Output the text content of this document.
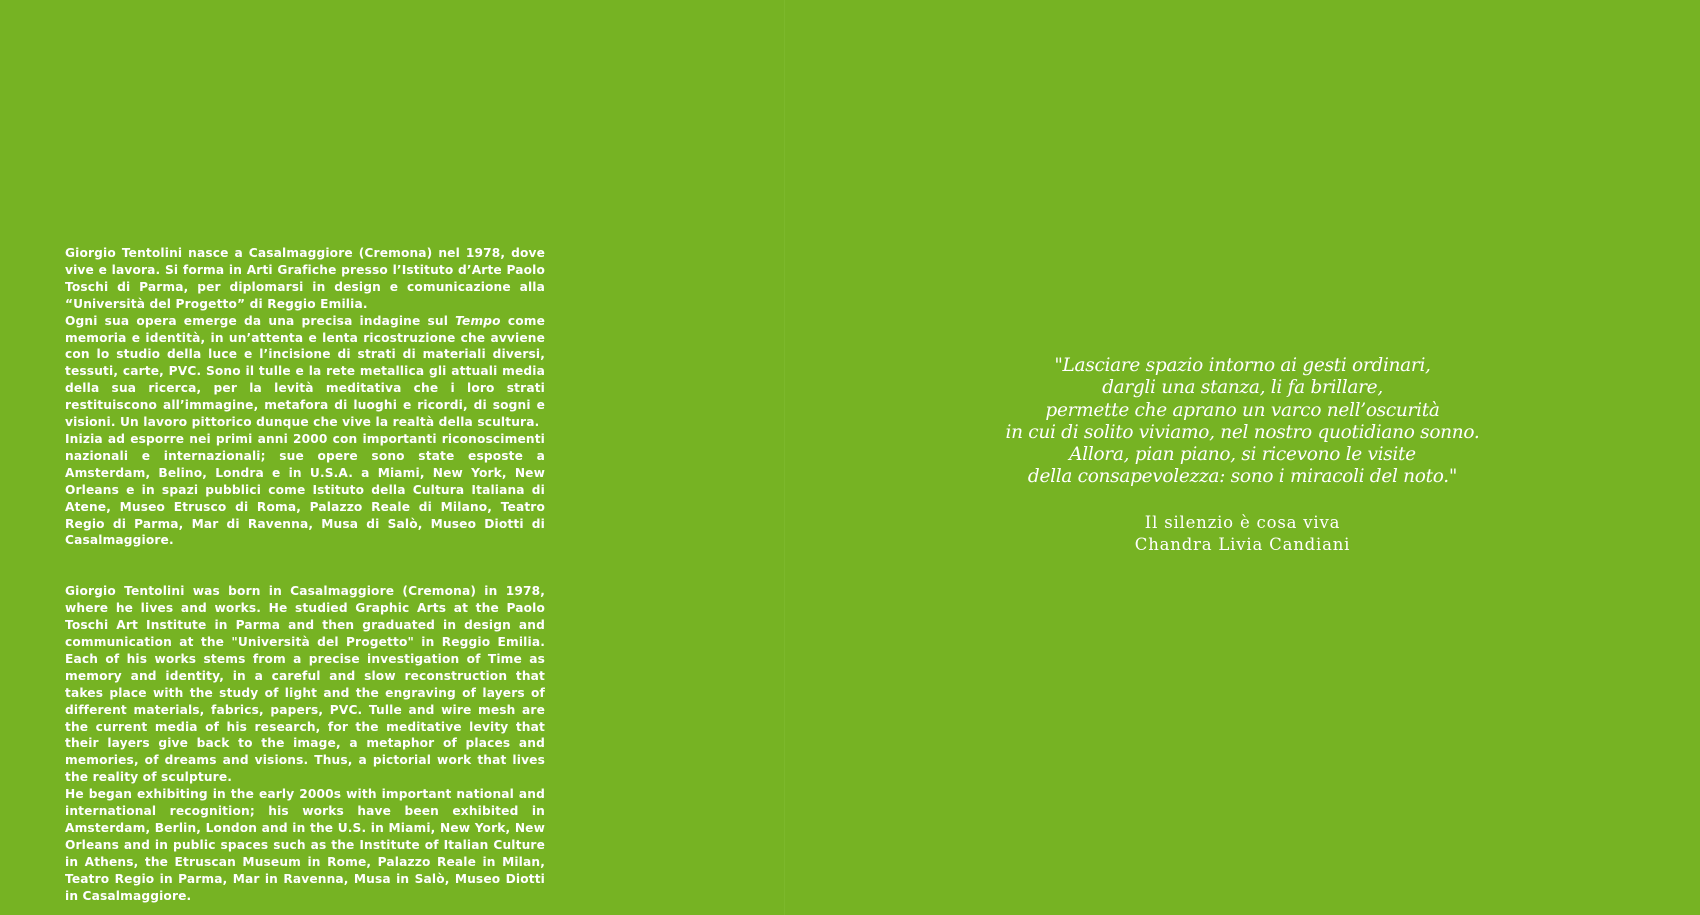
Giorgio Tentolini nasce a Casalmaggiore (Cremona) nel 1978, dove vive e lavora. Si forma in Arti Grafiche presso l’Istituto d’Arte Paolo Toschi di Parma, per diplomarsi in design e comunicazione alla “Università del Progetto” di Reggio Emilia.

Ogni sua opera emerge da una precisa indagine sul Tempo come memoria e identità, in un’attenta e lenta ricostruzione che avviene con lo studio della luce e l’incisione di strati di materiali diversi, tessuti, carte, PVC. Sono il tulle e la rete metallica gli attuali media della sua ricerca, per la levità meditativa che i loro strati restituiscono all’immagine, metafora di luoghi e ricordi, di sogni e visioni. Un lavoro pittorico dunque che vive la realtà della scultura.

Inizia ad esporre nei primi anni 2000 con importanti riconoscimenti nazionali e internazionali; sue opere sono state esposte a Amsterdam, Belino, Londra e in U.S.A. a Miami, New York, New Orleans e in spazi pubblici come Istituto della Cultura Italiana di Atene, Museo Etrusco di Roma, Palazzo Reale di Milano, Teatro Regio di Parma, Mar di Ravenna, Musa di Salò, Museo Diotti di Casalmaggiore.

Giorgio Tentolini was born in Casalmaggiore (Cremona) in 1978, where he lives and works. He studied Graphic Arts at the Paolo Toschi Art Institute in Parma and then graduated in design and communication at the "Università del Progetto" in Reggio Emilia. Each of his works stems from a precise investigation of Time as memory and identity, in a careful and slow reconstruction that takes place with the study of light and the engraving of layers of different materials, fabrics, papers, PVC. Tulle and wire mesh are the current media of his research, for the meditative levity that their layers give back to the image, a metaphor of places and memories, of dreams and visions. Thus, a pictorial work that lives the reality of sculpture.

He began exhibiting in the early 2000s with important national and international recognition; his works have been exhibited in Amsterdam, Berlin, London and in the U.S. in Miami, New York, New Orleans and in public spaces such as the Institute of Italian Culture in Athens, the Etruscan Museum in Rome, Palazzo Reale in Milan, Teatro Regio in Parma, Mar in Ravenna, Musa in Salò, Museo Diotti in Casalmaggiore.

"Lasciare spazio intorno ai gesti ordinari,
dargli una stanza, li fa brillare,
permette che aprano un varco nell’oscurità
in cui di solito viviamo, nel nostro quotidiano sonno.
Allora, pian piano, si ricevono le visite
della consapevolezza: sono i miracoli del noto."
Il silenzio è cosa viva
Chandra Livia Candiani
